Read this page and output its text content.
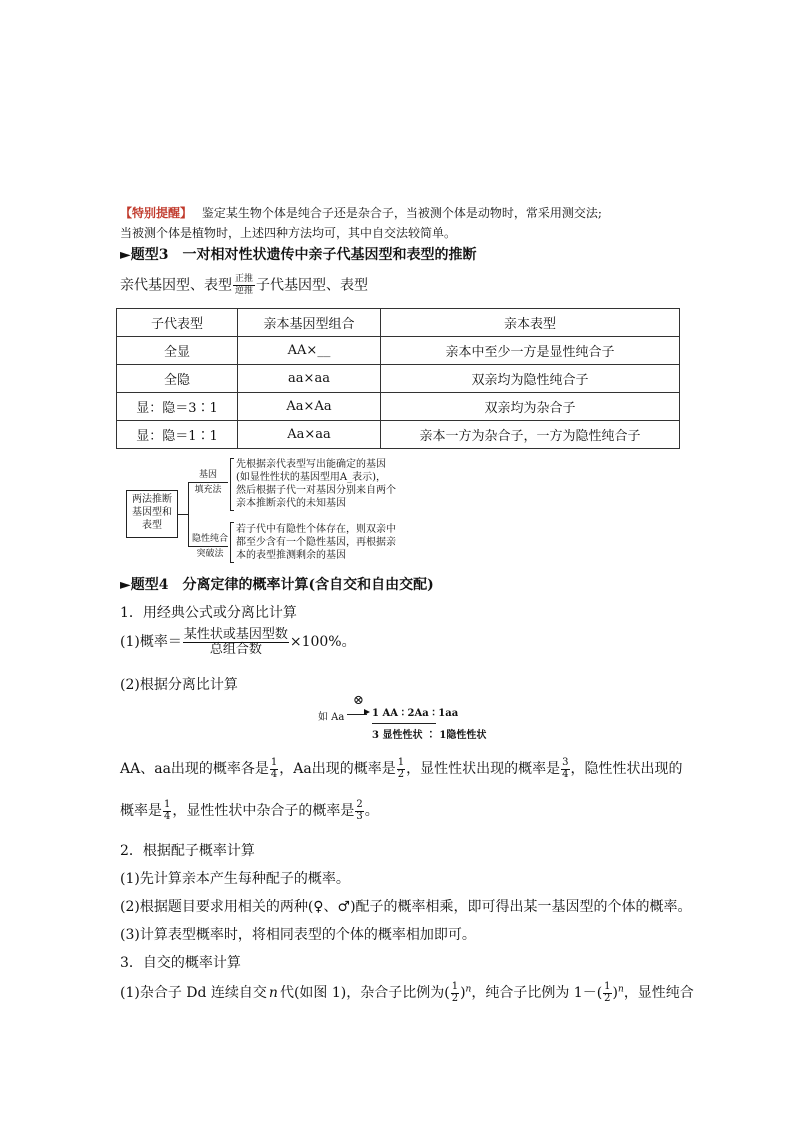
【特别提醒】 鉴定某生物个体是纯合子还是杂合子，当被测个体是动物时，常采用测交法;
当被测个体是植物时，上述四种方法均可，其中自交法较简单。
►题型3　一对相对性状遗传中亲子代基因型和表型的推断
亲代基因型、表型 正推
逆推 子代基因型、表型
子代表型	亲本基因型组合	亲本表型
全显	AA×__	亲本中至少一方是显性纯合子
全隐	aa×aa	双亲均为隐性纯合子
显：隐＝3∶1	Aa×Aa	双亲均为杂合子
显：隐＝1∶1	Aa×aa	亲本一方为杂合子，一方为隐性纯合子
两法推断基因型和表型
基因
填充法
隐性纯合
突破法
先根据亲代表型写出能确定的基因
(如显性性状的基因型用A_表示)，
然后根据子代一对基因分别来自两个
亲本推断亲代的未知基因
若子代中有隐性个体存在，则双亲中
都至少含有一个隐性基因，再根据亲
本的表型推测剩余的基因
►题型4　分离定律的概率计算(含自交和自由交配)
1．用经典公式或分离比计算
(1)概率＝ $\frac{\text{某性状或基因型数}}{\text{总组合数}} \times 100\%$。
(2)根据分离比计算
如 Aa
⊗
1 AA ∶ 2Aa ∶ 1aa
3 显性性状 ∶ 1隐性性状
AA、aa出现的概率各是 $\frac{1}{4}$ ，Aa出现的概率是 $\frac{1}{2}$ ，显性性状出现的概率是 $\frac{3}{4}$ ，隐性性状出现的
概率是 $\frac{1}{4}$ ，显性性状中杂合子的概率是 $\frac{2}{3}$ 。
2．根据配子概率计算
(1)先计算亲本产生每种配子的概率。
(2)根据题目要求用相关的两种(♀、♂)配子的概率相乘，即可得出某一基因型的个体的概率。
(3)计算表型概率时，将相同表型的个体的概率相加即可。
3．自交的概率计算
(1)杂合子 Dd 连续自交 n 代(如图 1)，杂合子比例为( $\frac{1}{2} )^n$，纯合子比例为 $1-( \frac{1}{2} )^n$，显性纯合
